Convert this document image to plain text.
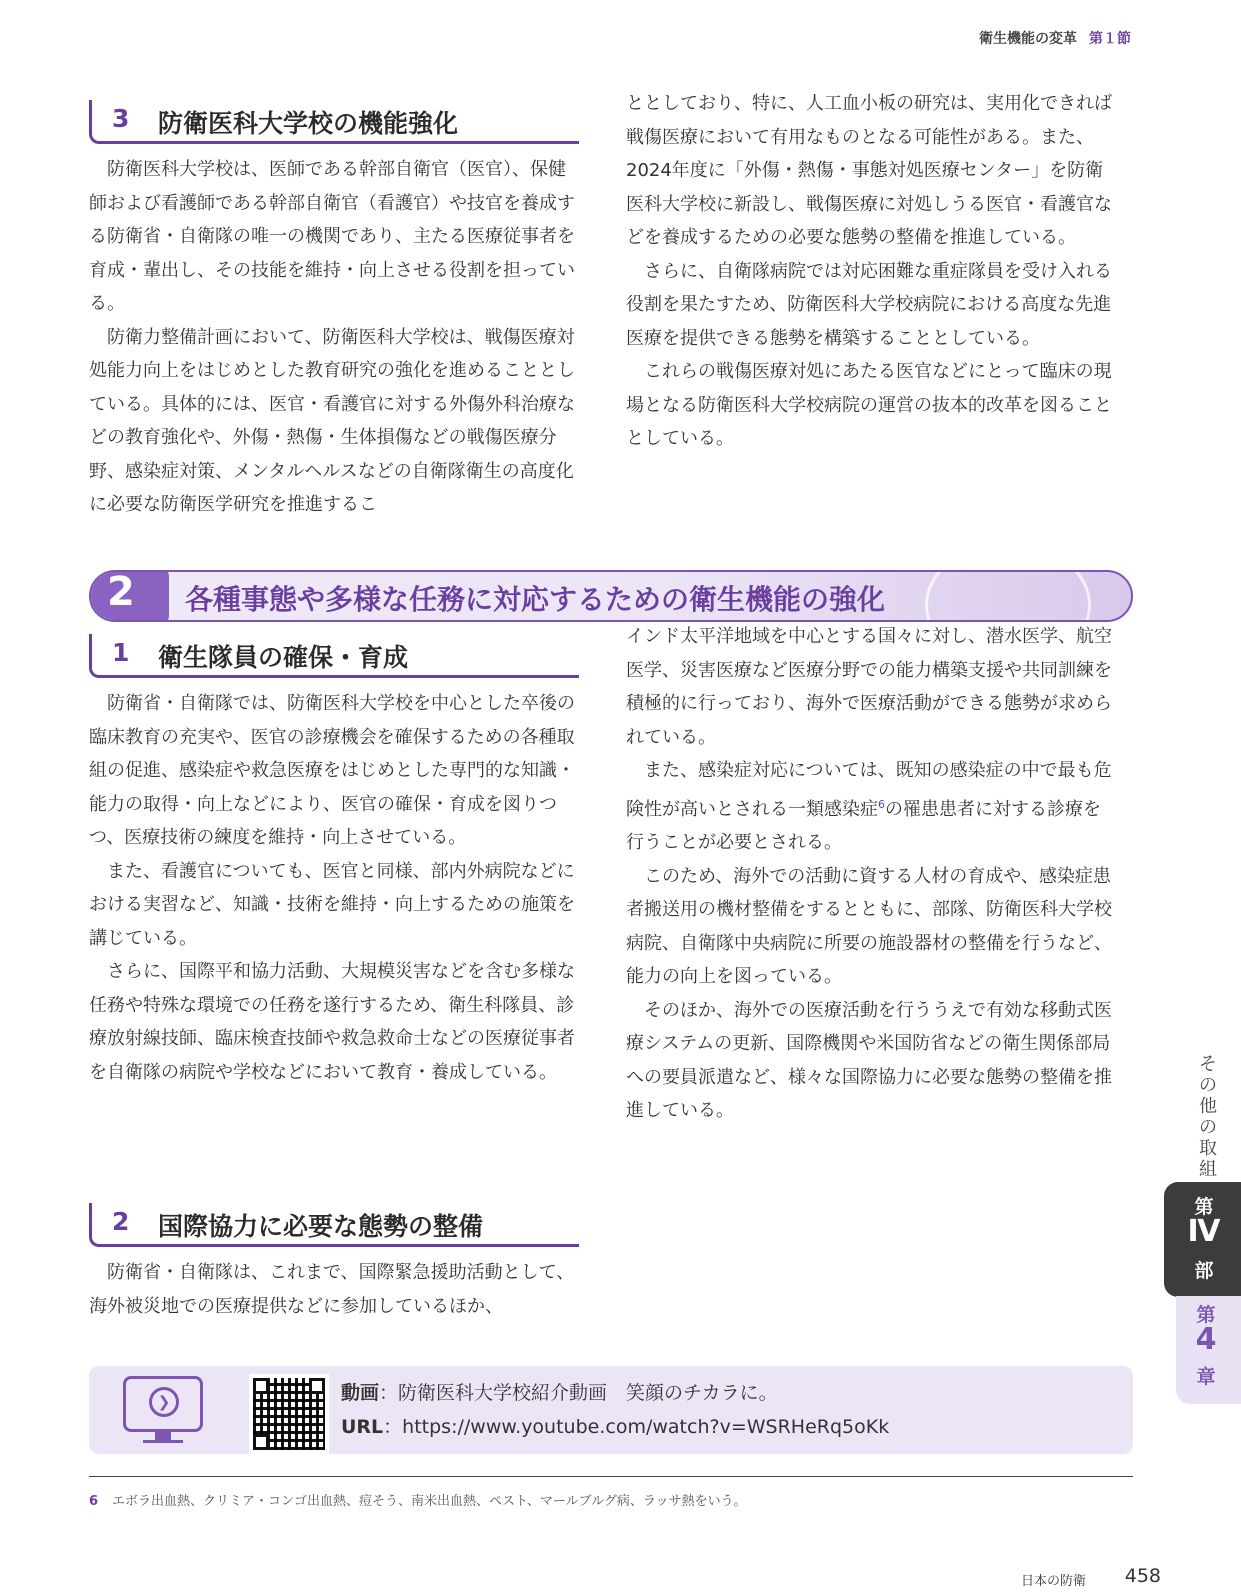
衛生機能の変革 第１節
3 防衛医科大学校の機能強化

防衛医科大学校は、医師である幹部自衛官（医官）、保健師および看護師である幹部自衛官（看護官）や技官を養成する防衛省・自衛隊の唯一の機関であり、主たる医療従事者を育成・輩出し、その技能を維持・向上させる役割を担っている。

防衛力整備計画において、防衛医科大学校は、戦傷医療対処能力向上をはじめとした教育研究の強化を進めることとしている。具体的には、医官・看護官に対する外傷外科治療などの教育強化や、外傷・熱傷・生体損傷などの戦傷医療分野、感染症対策、メンタルヘルスなどの自衛隊衛生の高度化に必要な防衛医学研究を推進するこ

ととしており、特に、人工血小板の研究は、実用化できれば戦傷医療において有用なものとなる可能性がある。また、2024年度に「外傷・熱傷・事態対処医療センター」を防衛医科大学校に新設し、戦傷医療に対処しうる医官・看護官などを養成するための必要な態勢の整備を推進している。

さらに、自衛隊病院では対応困難な重症隊員を受け入れる役割を果たすため、防衛医科大学校病院における高度な先進医療を提供できる態勢を構築することとしている。

これらの戦傷医療対処にあたる医官などにとって臨床の現場となる防衛医科大学校病院の運営の抜本的改革を図ることとしている。

2 各種事態や多様な任務に対応するための衛生機能の強化
1 衛生隊員の確保・育成

防衛省・自衛隊では、防衛医科大学校を中心とした卒後の臨床教育の充実や、医官の診療機会を確保するための各種取組の促進、感染症や救急医療をはじめとした専門的な知識・能力の取得・向上などにより、医官の確保・育成を図りつつ、医療技術の練度を維持・向上させている。

また、看護官についても、医官と同様、部内外病院などにおける実習など、知識・技術を維持・向上するための施策を講じている。

さらに、国際平和協力活動、大規模災害などを含む多様な任務や特殊な環境での任務を遂行するため、衛生科隊員、診療放射線技師、臨床検査技師や救急救命士などの医療従事者を自衛隊の病院や学校などにおいて教育・養成している。

2 国際協力に必要な態勢の整備

防衛省・自衛隊は、これまで、国際緊急援助活動として、海外被災地での医療提供などに参加しているほか、

インド太平洋地域を中心とする国々に対し、潜水医学、航空医学、災害医療など医療分野での能力構築支援や共同訓練を積極的に行っており、海外で医療活動ができる態勢が求められている。

また、感染症対応については、既知の感染症の中で最も危険性が高いとされる一類感染症$^6$の罹患患者に対する診療を行うことが必要とされる。

このため、海外での活動に資する人材の育成や、感染症患者搬送用の機材整備をするとともに、部隊、防衛医科大学校病院、自衛隊中央病院に所要の施設器材の整備を行うなど、能力の向上を図っている。

そのほか、海外での医療活動を行ううえで有効な移動式医療システムの更新、国際機関や米国防省などの衛生関係部局への要員派遣など、様々な国際協力に必要な態勢の整備を推進している。

❯	動画：防衛医科大学校紹介動画　笑顔のチカラに。
URL：https://www.youtube.com/watch?v=WSRHeRq5oKk
6 エボラ出血熱、クリミア・コンゴ出血熱、痘そう、南米出血熱、ペスト、マールブルグ病、ラッサ熱をいう。
日本の防衛 458
その他の取組
第
Ⅳ
部
第
4
章
